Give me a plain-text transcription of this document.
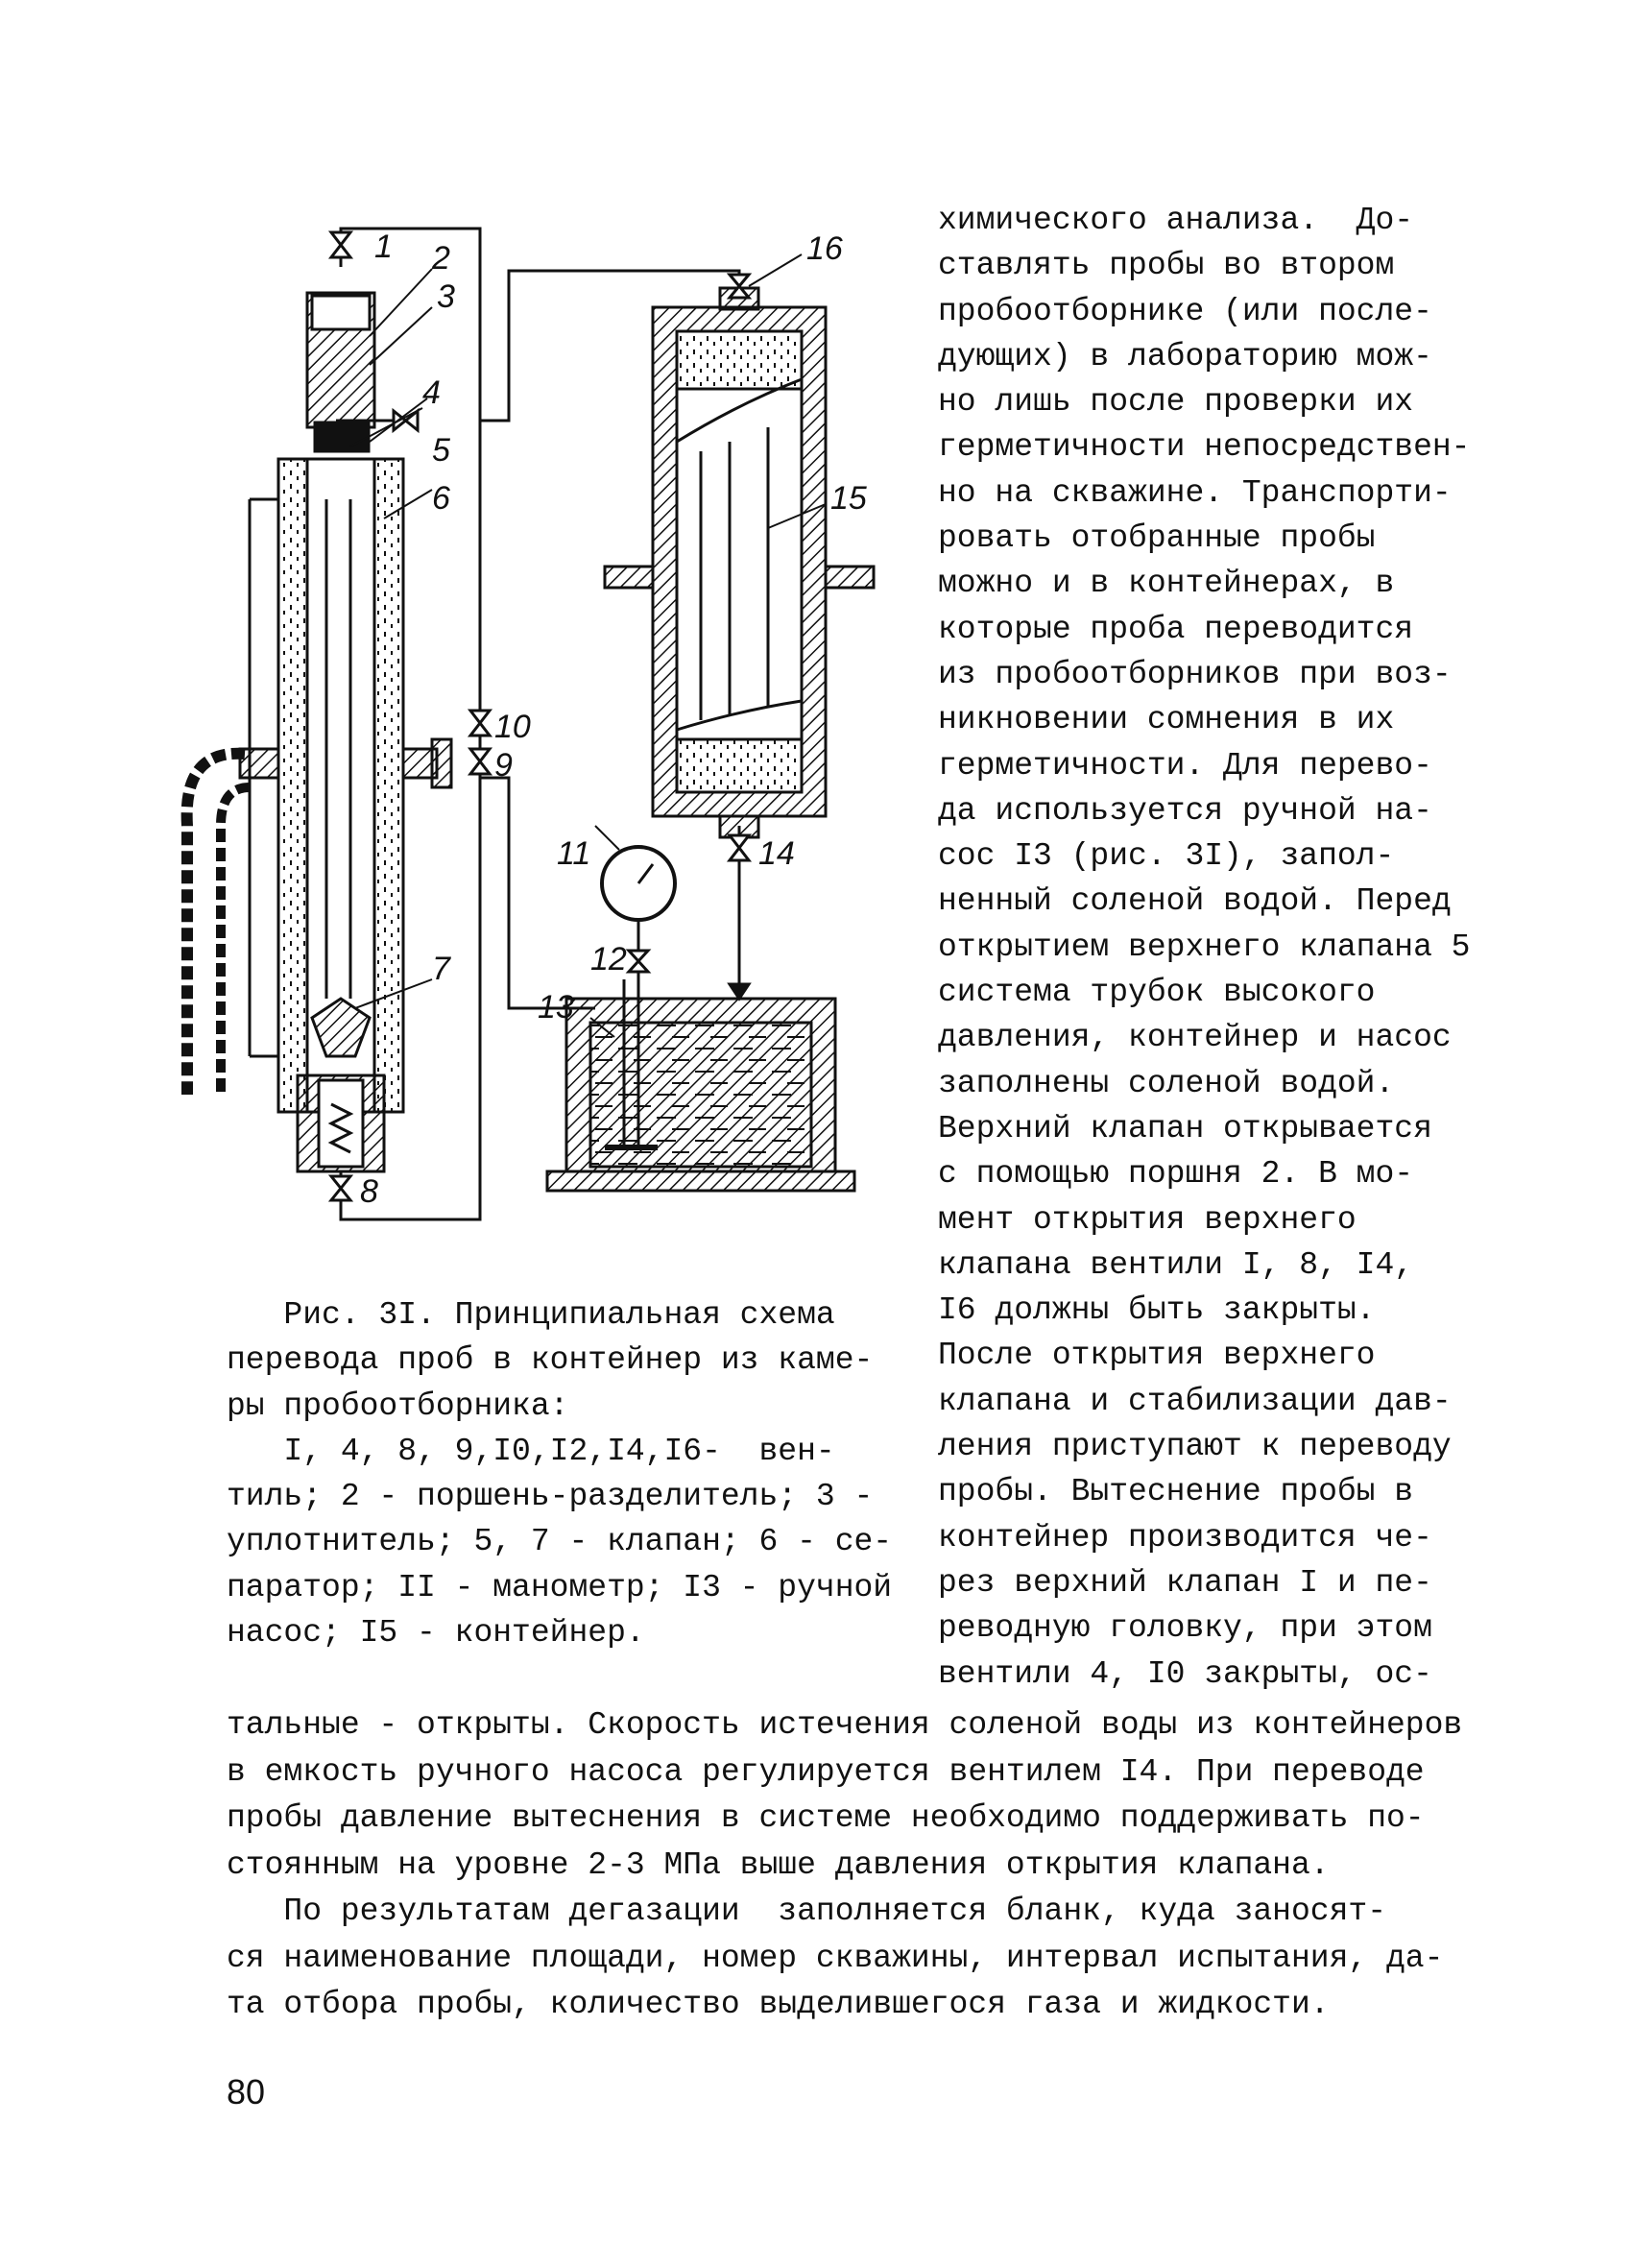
1 2
3
4
5
6
7
8
9
10
11
12
13
14
15
16
химического анализа.  До-
ставлять пробы во втором
пробоотборнике (или после-
дующих) в лабораторию мож-
но лишь после проверки их
герметичности непосредствен-
но на скважине. Транспорти-
ровать отобранные пробы
можно и в контейнерах, в
которые проба переводится
из пробоотборников при воз-
никновении сомнения в их
герметичности. Для перево-
да используется ручной на-
сос I3 (рис. 3I), запол-
ненный соленой водой. Перед
открытием верхнего клапана 5
система трубок высокого
давления, контейнер и насос
заполнены соленой водой.
Верхний клапан открывается
с помощью поршня 2. В мо-
мент открытия верхнего
клапана вентили I, 8, I4,
I6 должны быть закрыты.
После открытия верхнего
клапана и стабилизации дав-
ления приступают к переводу
пробы. Вытеснение пробы в
контейнер производится че-
рез верхний клапан I и пе-
реводную головку, при этом
вентили 4, I0 закрыты, ос-
Рис. 3I. Принципиальная схема
перевода проб в контейнер из каме-
ры пробоотборника:
I, 4, 8, 9,I0,I2,I4,I6-  вен-
тиль; 2 - поршень-разделитель; 3 -
уплотнитель; 5, 7 - клапан; 6 - се-
паратор; II - манометр; I3 - ручной
насос; I5 - контейнер.
тальные - открыты. Скорость истечения соленой воды из контейнеров
в емкость ручного насоса регулируется вентилем I4. При переводе
пробы давление вытеснения в системе необходимо поддерживать по-
стоянным на уровне 2-3 МПа выше давления открытия клапана.
По результатам дегазации  заполняется бланк, куда заносят-
ся наименование площади, номер скважины, интервал испытания, да-
та отбора пробы, количество выделившегося газа и жидкости.
80
